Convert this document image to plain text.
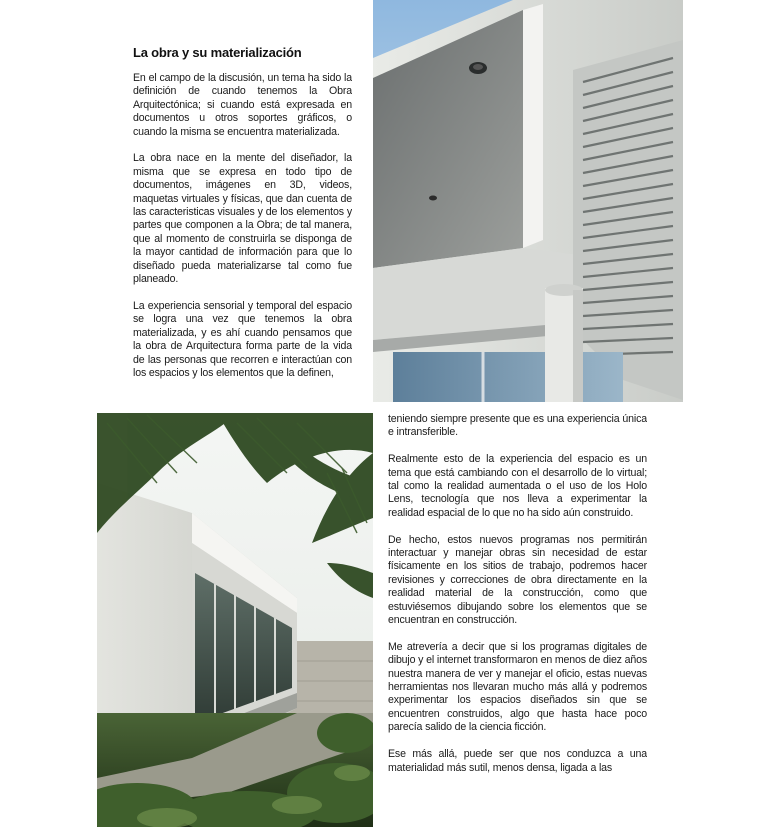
La obra y su materialización

En el campo de la discusión, un tema ha sido la definición de cuando tenemos la Obra Arquitectónica; si cuando está expresada en documentos u otros soportes gráficos, o cuando la misma se encuentra materializada.

La obra nace en la mente del diseñador, la misma que se expresa en todo tipo de documentos, imágenes en 3D, videos, maquetas virtuales y físicas, que dan cuenta de las caracteristicas visuales y de los elementos y partes que componen a la Obra; de tal manera, que al momento de construirla se disponga de la mayor cantidad de información para que lo diseñado pueda materializarse tal como fue planeado.

La experiencia sensorial y temporal del espacio se logra una vez que tenemos la obra materializada, y es ahí cuando pensamos que la obra de Arquitectura forma parte de la vida de las personas que recorren e interactúan con los espacios y los elementos que la definen,

teniendo siempre presente que es una experiencia única e intransferible.

Realmente esto de la experiencia del espacio es un tema que está cambiando con el desarrollo de lo virtual; tal como la realidad aumentada o el uso de los Holo Lens, tecnología que nos lleva a experimentar la realidad espacial de lo que no ha sido aún construido.

De hecho, estos nuevos programas nos permitirán interactuar y manejar obras sin necesidad de estar físicamente en los sitios de trabajo, podremos hacer revisiones y correcciones de obra directamente en la realidad material de la construcción, como que estuviésemos dibujando sobre los elementos que se encuentran en construcción.

Me atrevería a decir que si los programas digitales de dibujo y el internet transformaron en menos de diez años nuestra manera de ver y manejar el oficio, estas nuevas herramientas nos llevaran mucho más allá y podremos experimentar los espacios diseñados sin que se encuentren construidos, algo que hasta hace poco parecía salido de la ciencia ficción.

Ese más allá, puede ser que nos conduzca a una materialidad más sutil, menos densa, ligada a las
